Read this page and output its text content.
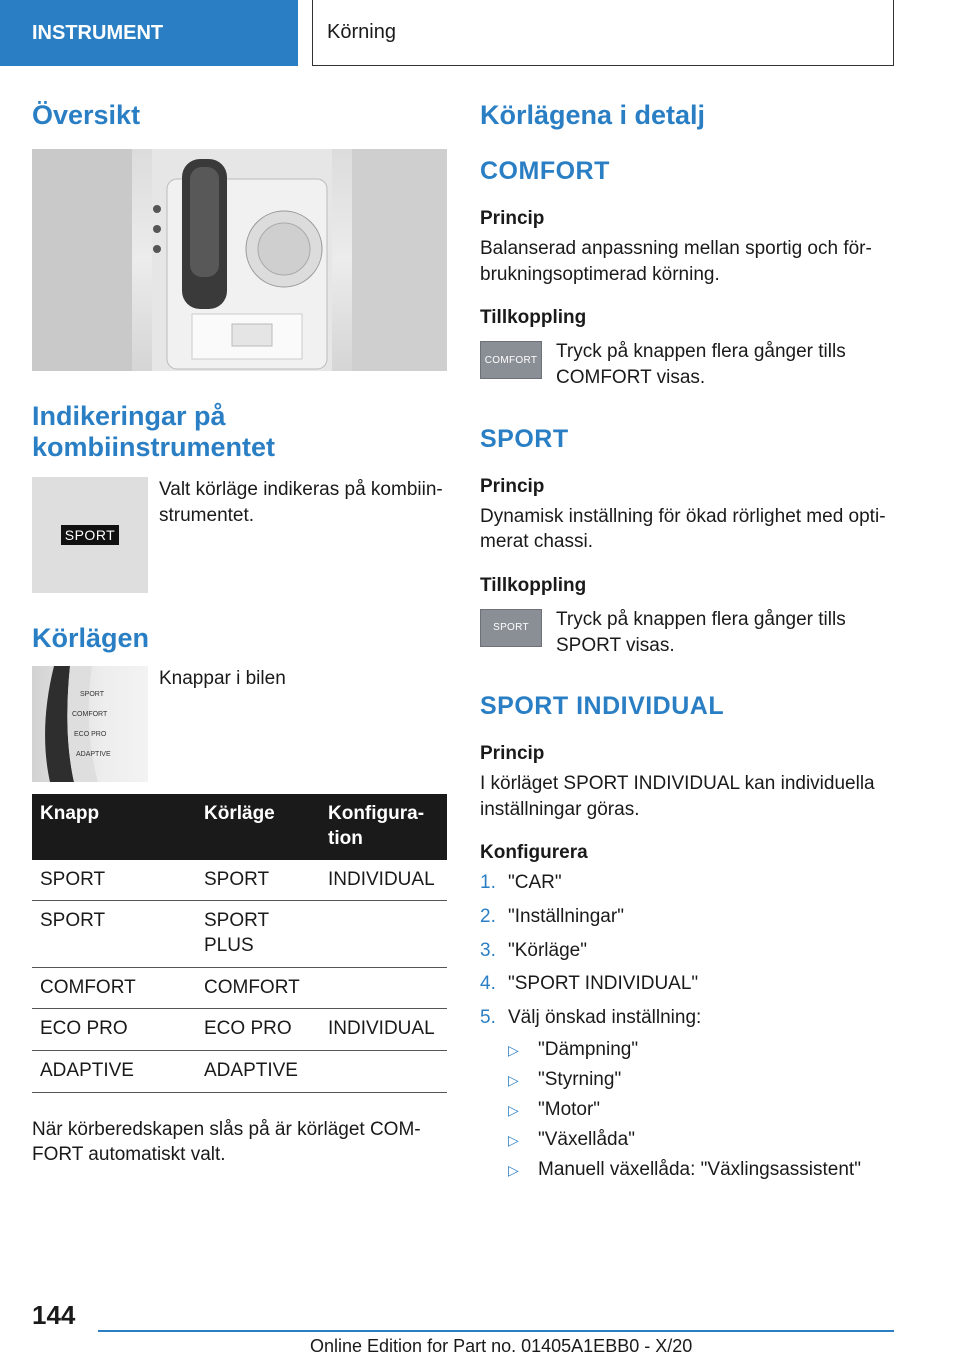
INSTRUMENT	Körning
Översikt
Indikeringar på kombiinstrumentet
SPORT

Valt körläge indikeras på kombiinstrumentet.

Körlägen
SPORT
COMFORT
ECO PRO
ADAPTIVE

Knappar i bilen

Knapp	Körläge	Konfiguration
SPORT	SPORT	INDIVIDUAL
SPORT	SPORT PLUS	
COMFORT	COMFORT	
ECO PRO	ECO PRO	INDIVIDUAL
ADAPTIVE	ADAPTIVE	

När körberedskapen slås på är körläget COMFORT automatiskt valt.

Körlägena i detalj
COMFORT
Princip

Balanserad anpassning mellan sportig och förbrukningsoptimerad körning.

Tillkoppling
COMFORT Tryck på knappen flera gånger tills COMFORT visas.

SPORT
Princip

Dynamisk inställning för ökad rörlighet med optimerat chassi.

Tillkoppling
SPORT Tryck på knappen flera gånger tills SPORT visas.

SPORT INDIVIDUAL
Princip

I körläget SPORT INDIVIDUAL kan individuella inställningar göras.

Konfigurera
1. "CAR"
2. "Inställningar"
3. "Körläge"
4. "SPORT INDIVIDUAL"
5. Välj önskad inställning:
▷	"Dämpning"
▷	"Styrning"
▷	"Motor"
▷	"Växellåda"
▷	Manuell växellåda: "Växlingsassistent"
144
Online Edition for Part no. 01405A1EBB0 - X/20
